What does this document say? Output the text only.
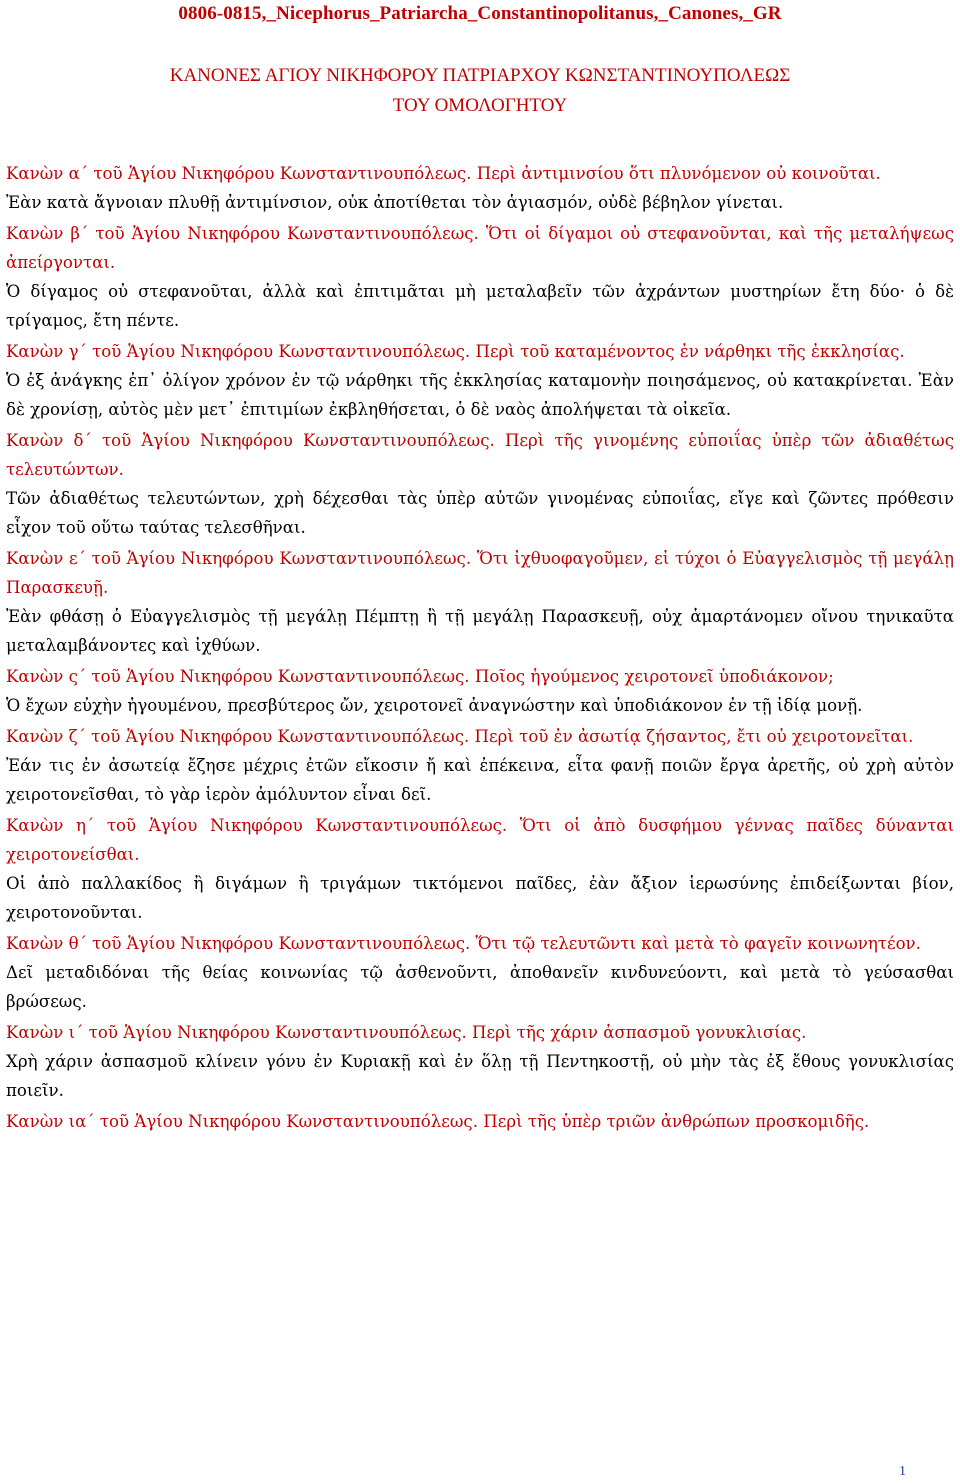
0806-0815,_Nicephorus_Patriarcha_Constantinopolitanus,_Canones,_GR
ΚΑΝΟΝΕΣ ΑΓΙΟΥ ΝΙΚΗΦΟΡΟΥ ΠΑΤΡΙΑΡΧΟΥ ΚΩΝΣΤΑΝΤΙΝΟΥΠΟΛΕΩΣ
ΤΟΥ ΟΜΟΛΟΓΗΤΟΥ

Κανὼν α´ τοῦ Ἁγίου Νικηφόρου Κωνσταντινουπόλεως. Περὶ ἀντιμινσίου ὅτι πλυνόμενον οὐ κοινοῦται.

Ἐὰν κατὰ ἄγνοιαν πλυθῇ ἀντιμίνσιον, οὐκ ἀποτίθεται τὸν ἁγιασμόν, οὐδὲ βέβηλον γίνεται.

Κανὼν β´ τοῦ Ἁγίου Νικηφόρου Κωνσταντινουπόλεως. Ὅτι οἱ δίγαμοι οὐ στεφανοῦνται, καὶ τῆς μεταλήψεως ἀπείργονται.

Ὁ δίγαμος οὐ στεφανοῦται, ἀλλὰ καὶ ἐπιτιμᾶται μὴ μεταλαβεῖν τῶν ἀχράντων μυστηρίων ἔτη δύο· ὁ δὲ τρίγαμος, ἔτη πέντε.

Κανὼν γ´ τοῦ Ἁγίου Νικηφόρου Κωνσταντινουπόλεως. Περὶ τοῦ καταμένοντος ἐν νάρθηκι τῆς ἐκκλησίας.

Ὁ ἐξ ἀνάγκης ἐπ᾽ ὀλίγον χρόνον ἐν τῷ νάρθηκι τῆς ἐκκλησίας καταμονὴν ποιησάμενος, οὐ κατακρίνεται. Ἐὰν δὲ χρονίσῃ, αὐτὸς μὲν μετ᾽ ἐπιτιμίων ἐκβληθήσεται, ὁ δὲ ναὸς ἀπολήψεται τὰ οἰκεῖα.

Κανὼν δ´ τοῦ Ἁγίου Νικηφόρου Κωνσταντινουπόλεως. Περὶ τῆς γινομένης εὐποιΐας ὑπὲρ τῶν ἀδιαθέτως τελευτώντων.

Τῶν ἀδιαθέτως τελευτώντων, χρὴ δέχεσθαι τὰς ὑπὲρ αὐτῶν γινομένας εὐποιΐας, εἴγε καὶ ζῶντες πρόθεσιν εἶχον τοῦ οὕτω ταύτας τελεσθῆναι.

Κανὼν ε´ τοῦ Ἁγίου Νικηφόρου Κωνσταντινουπόλεως. Ὅτι ἰχθυοφαγοῦμεν, εἰ τύχοι ὁ Εὐαγγελισμὸς τῇ μεγάλῃ Παρασκευῇ.

Ἐὰν φθάσῃ ὁ Εὐαγγελισμὸς τῇ μεγάλῃ Πέμπτῃ ἢ τῇ μεγάλῃ Παρασκευῇ, οὐχ ἁμαρτάνομεν οἴνου τηνικαῦτα μεταλαμβάνοντες καὶ ἰχθύων.

Κανὼν ς´ τοῦ Ἁγίου Νικηφόρου Κωνσταντινουπόλεως. Ποῖος ἡγούμενος χειροτονεῖ ὑποδιάκονον;

Ὁ ἔχων εὐχὴν ἡγουμένου, πρεσβύτερος ὤν, χειροτονεῖ ἀναγνώστην καὶ ὑποδιάκονον ἐν τῇ ἰδίᾳ μονῇ.

Κανὼν ζ´ τοῦ Ἁγίου Νικηφόρου Κωνσταντινουπόλεως. Περὶ τοῦ ἐν ἀσωτίᾳ ζήσαντος, ἔτι οὐ χειροτονεῖται.

Ἐάν τις ἐν ἀσωτείᾳ ἔζησε μέχρις ἐτῶν εἴκοσιν ἤ καὶ ἐπέκεινα, εἶτα φανῇ ποιῶν ἔργα ἀρετῆς, οὐ χρὴ αὐτὸν χειροτονεῖσθαι, τὸ γὰρ ἱερὸν ἀμόλυντον εἶναι δεῖ.

Κανὼν η´ τοῦ Ἁγίου Νικηφόρου Κωνσταντινουπόλεως. Ὅτι οἱ ἀπὸ δυσφήμου γέννας παῖδες δύνανται χειροτονείσθαι.

Οἱ ἀπὸ παλλακίδος ἢ διγάμων ἢ τριγάμων τικτόμενοι παῖδες, ἐὰν ἄξιον ἱερωσύνης ἐπιδείξωνται βίον, χειροτονοῦνται.

Κανὼν θ´ τοῦ Ἁγίου Νικηφόρου Κωνσταντινουπόλεως. Ὅτι τῷ τελευτῶντι καὶ μετὰ τὸ φαγεῖν κοινωνητέον.

Δεῖ μεταδιδόναι τῆς θείας κοινωνίας τῷ ἀσθενοῦντι, ἀποθανεῖν κινδυνεύοντι, καὶ μετὰ τὸ γεύσασθαι βρώσεως.

Κανὼν ι´ τοῦ Ἁγίου Νικηφόρου Κωνσταντινουπόλεως. Περὶ τῆς χάριν ἀσπασμοῦ γονυκλισίας.

Χρὴ χάριν ἀσπασμοῦ κλίνειν γόνυ ἐν Κυριακῇ καὶ ἐν ὅλῃ τῇ Πεντηκοστῇ, οὐ μὴν τὰς ἐξ ἔθους γονυκλισίας ποιεῖν.

Κανὼν ια´ τοῦ Ἁγίου Νικηφόρου Κωνσταντινουπόλεως. Περὶ τῆς ὑπὲρ τριῶν ἀνθρώπων προσκομιδῆς.

1
